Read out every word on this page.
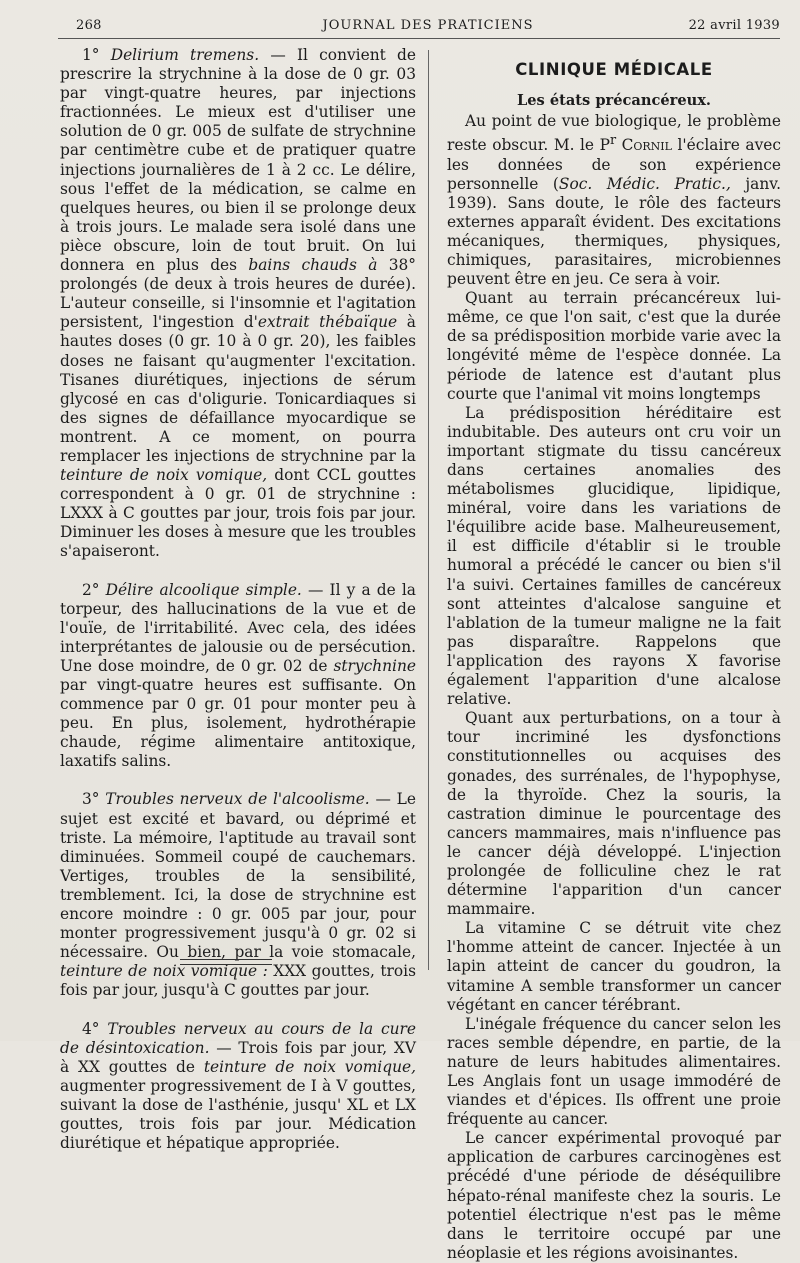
268	JOURNAL DES PRATICIENS	22 avril 1939

1° Delirium tremens. — Il convient de prescrire la strychnine à la dose de 0 gr. 03 par vingt-quatre heures, par injections fractionnées. Le mieux est d'utiliser une solution de 0 gr. 005 de sulfate de strychnine par centimètre cube et de pratiquer quatre injections journalières de 1 à 2 cc. Le délire, sous l'effet de la médication, se calme en quelques heures, ou bien il se prolonge deux à trois jours. Le malade sera isolé dans une pièce obscure, loin de tout bruit. On lui donnera en plus des bains chauds à 38° prolongés (de deux à trois heures de durée). L'auteur conseille, si l'insomnie et l'agitation persistent, l'ingestion d'extrait thébaïque à hautes doses (0 gr. 10 à 0 gr. 20), les faibles doses ne faisant qu'augmenter l'excitation. Tisanes diurétiques, injections de sérum glycosé en cas d'oligurie. Tonicardiaques si des signes de défaillance myocardique se montrent. A ce moment, on pourra remplacer les injections de strychnine par la teinture de noix vomique, dont CCL gouttes correspondent à 0 gr. 01 de strychnine : LXXX à C gouttes par jour, trois fois par jour. Diminuer les doses à mesure que les troubles s'apaiseront.

2° Délire alcoolique simple. — Il y a de la torpeur, des hallucinations de la vue et de l'ouïe, de l'irritabilité. Avec cela, des idées interprétantes de jalousie ou de persécution. Une dose moindre, de 0 gr. 02 de strychnine par vingt-quatre heures est suffisante. On commence par 0 gr. 01 pour monter peu à peu. En plus, isolement, hydrothérapie chaude, régime alimentaire antitoxique, laxatifs salins.

3° Troubles nerveux de l'alcoolisme. — Le sujet est excité et bavard, ou déprimé et triste. La mémoire, l'aptitude au travail sont diminuées. Sommeil coupé de cauchemars. Vertiges, troubles de la sensibilité, tremblement. Ici, la dose de strychnine est encore moindre : 0 gr. 005 par jour, pour monter progressivement jusqu'à 0 gr. 02 si nécessaire. Ou bien, par la voie stomacale, teinture de noix vomique : XXX gouttes, trois fois par jour, jusqu'à C gouttes par jour.

4° Troubles nerveux au cours de la cure de désintoxication. — Trois fois par jour, XV à XX gouttes de teinture de noix vomique, augmenter progressivement de I à V gouttes, suivant la dose de l'asthénie, jusqu' XL et LX gouttes, trois fois par jour. Médication diurétique et hépatique appropriée.

CLINIQUE MÉDICALE
Les états précancéreux.

Au point de vue biologique, le problème reste obscur. M. le $P^r$ Cornil l'éclaire avec les données de son expérience personnelle (Soc. Médic. Pratic., janv. 1939). Sans doute, le rôle des facteurs externes apparaît évident. Des excitations mécaniques, thermiques, physiques, chimiques, parasitaires, microbiennes peuvent être en jeu. Ce sera à voir.

Quant au terrain précancéreux lui-même, ce que l'on sait, c'est que la durée de sa prédisposition morbide varie avec la longévité même de l'espèce donnée. La période de latence est d'autant plus courte que l'animal vit moins longtemps

La prédisposition héréditaire est indubitable. Des auteurs ont cru voir un important stigmate du tissu cancéreux dans certaines anomalies des métabolismes glucidique, lipidique, minéral, voire dans les variations de l'équilibre acide base. Malheureusement, il est difficile d'établir si le trouble humoral a précédé le cancer ou bien s'il l'a suivi. Certaines familles de cancéreux sont atteintes d'alcalose sanguine et l'ablation de la tumeur maligne ne la fait pas disparaître. Rappelons que l'application des rayons X favorise également l'apparition d'une alcalose relative.

Quant aux perturbations, on a tour à tour incriminé les dysfonctions constitutionnelles ou acquises des gonades, des surrénales, de l'hypophyse, de la thyroïde. Chez la souris, la castration diminue le pourcentage des cancers mammaires, mais n'influence pas le cancer déjà développé. L'injection prolongée de folliculine chez le rat détermine l'apparition d'un cancer mammaire.

La vitamine C se détruit vite chez l'homme atteint de cancer. Injectée à un lapin atteint de cancer du goudron, la vitamine A semble transformer un cancer végétant en cancer térébrant.

L'inégale fréquence du cancer selon les races semble dépendre, en partie, de la nature de leurs habitudes alimentaires. Les Anglais font un usage immodéré de viandes et d'épices. Ils offrent une proie fréquente au cancer.

Le cancer expérimental provoqué par application de carbures carcinogènes est précédé d'une période de déséquilibre hépato-rénal manifeste chez la souris. Le potentiel électrique n'est pas le même dans le territoire occupé par une néoplasie et les régions avoisinantes.
